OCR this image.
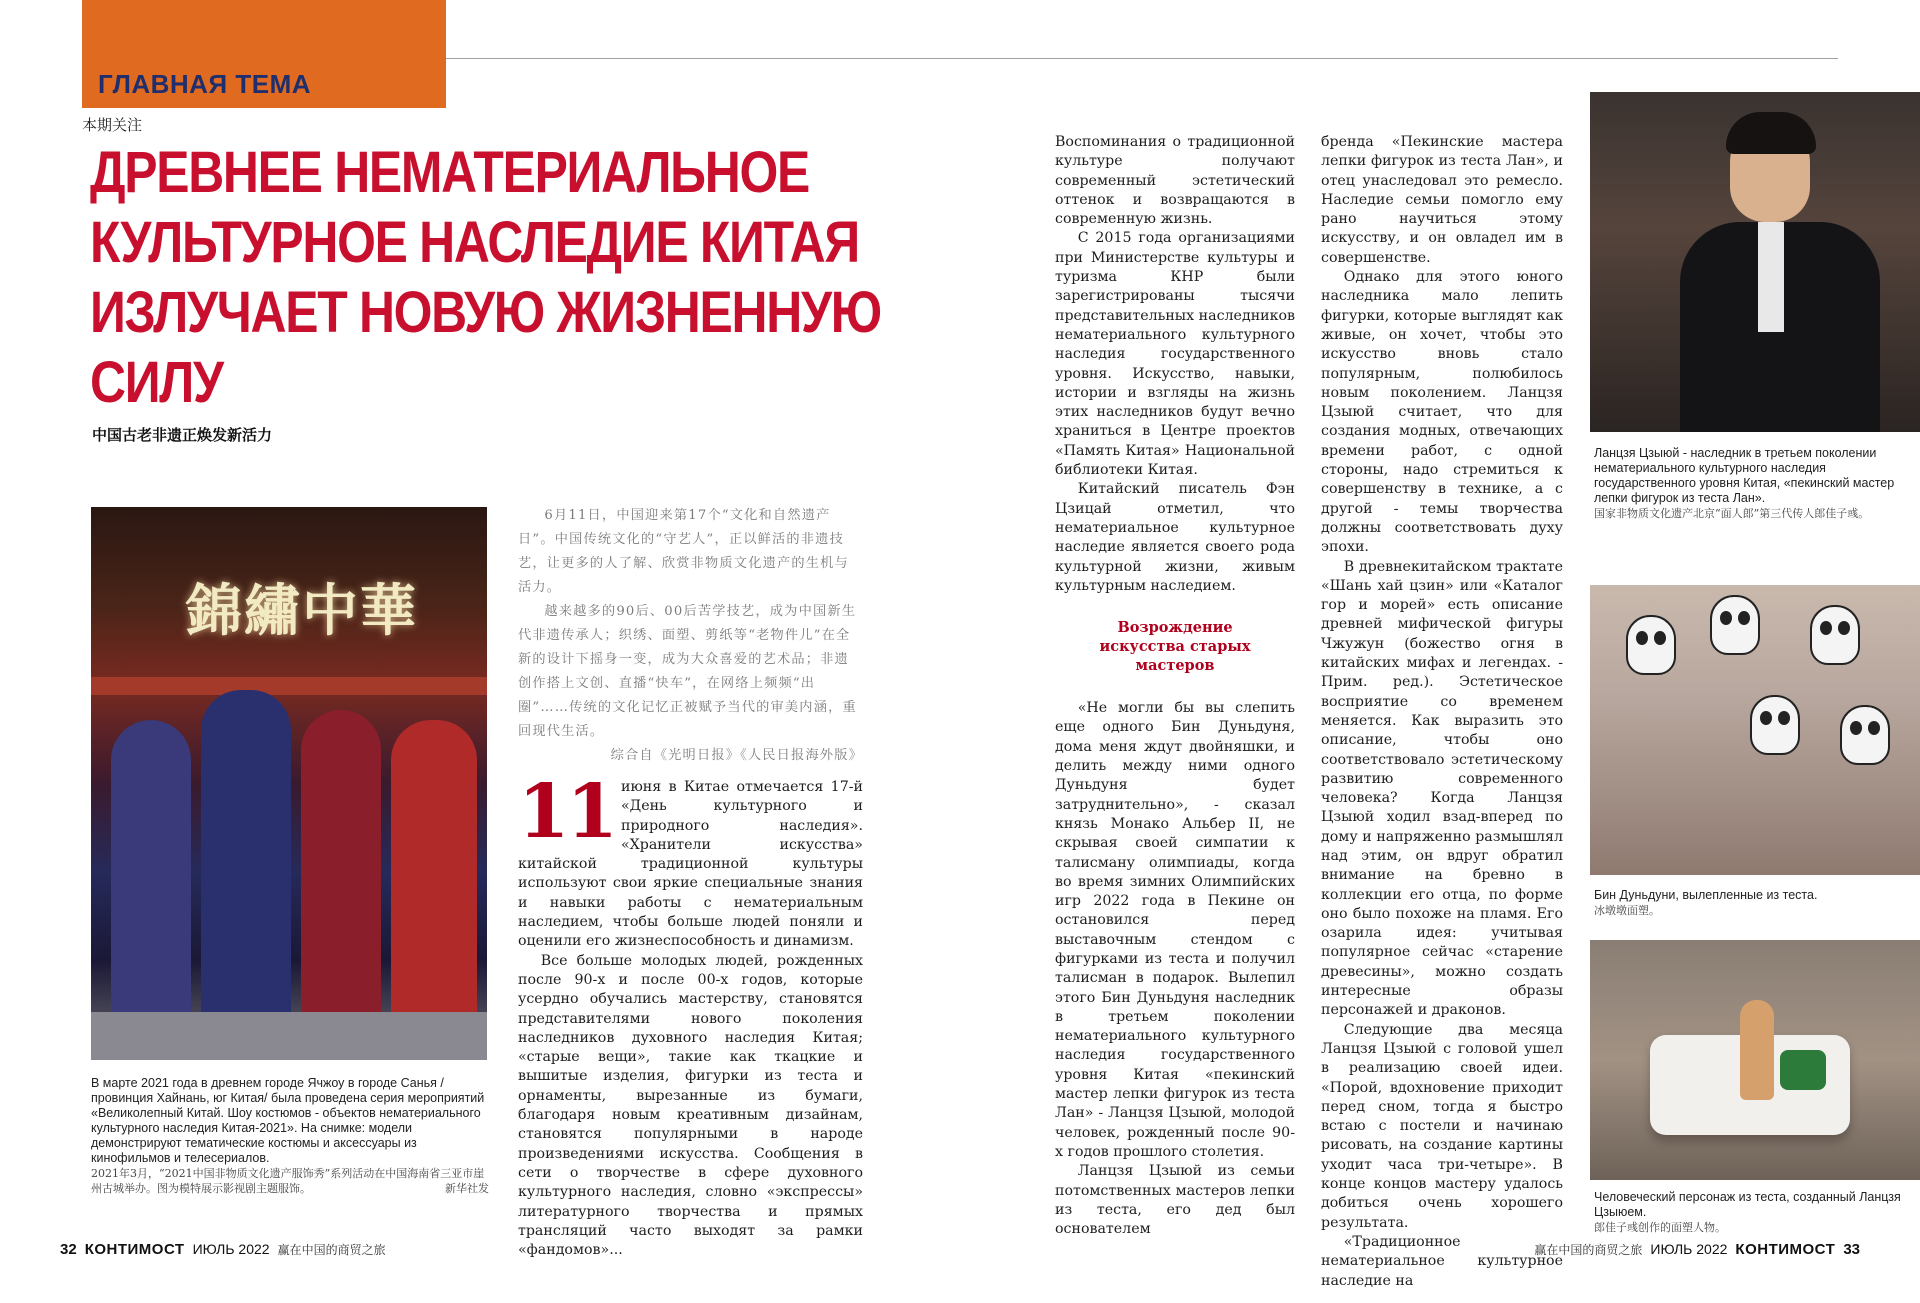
ГЛАВНАЯ ТЕМА
本期关注
ДРЕВНЕЕ НЕМАТЕРИАЛЬНОЕ
КУЛЬТУРНОЕ НАСЛЕДИЕ КИТАЯ
ИЗЛУЧАЕТ НОВУЮ ЖИЗНЕННУЮ
СИЛУ
中国古老非遗正焕发新活力
錦繡中華
В марте 2021 года в древнем городе Ячжоу в городе Санья /провинция Хайнань, юг Китая/ была проведена серия мероприятий «Великолепный Китай. Шоу костюмов - объектов нематериального культурного наследия Китая-2021». На снимке: модели демонстрируют тематические костюмы и аксессуары из кинофильмов и телесериалов.
2021年3月，“2021中国非物质文化遗产服饰秀”系列活动在中国海南省三亚市崖州古城举办。图为模特展示影视剧主题服饰。	新华社发

6月11日，中国迎来第17个“文化和自然遗产日”。中国传统文化的“守艺人”，正以鲜活的非遗技艺，让更多的人了解、欣赏非物质文化遗产的生机与活力。

越来越多的90后、00后苦学技艺，成为中国新生代非遗传承人；织绣、面塑、剪纸等“老物件儿”在全新的设计下摇身一变，成为大众喜爱的艺术品；非遗创作搭上文创、直播“快车”，在网络上频频“出圈”……传统的文化记忆正被赋予当代的审美内涵，重回现代生活。

综合自《光明日报》《人民日报海外版》

11 июня в Китае отмечается 17-й «День культурного и природного наследия». «Хранители искусства» китайской традиционной культуры используют свои яркие специальные знания и навыки работы с нематериальным наследием, чтобы больше людей поняли и оценили его жизнеспособность и динамизм.

Все больше молодых людей, рожденных после 90-х и после 00-х годов, которые усердно обучались мастерству, становятся представителями нового поколения наследников духовного наследия Китая; «старые вещи», такие как ткацкие и вышитые изделия, фигурки из теста и орнаменты, вырезанные из бумаги, благодаря новым креативным дизайнам, становятся популярными в народе произведениями искусства. Сообщения в сети о творчестве в сфере духовного культурного наследия, словно «экспрессы» литературного творчества и прямых трансляций часто выходят за рамки «фандомов»...

Воспоминания о традиционной культуре получают современный эстетический оттенок и возвращаются в современную жизнь.

С 2015 года организациями при Министерстве культуры и туризма КНР были зарегистрированы тысячи представительных наследников нематериального культурного наследия государственного уровня. Искусство, навыки, истории и взгляды на жизнь этих наследников будут вечно храниться в Центре проектов «Память Китая» Национальной библиотеки Китая.

Китайский писатель Фэн Цзицай отметил, что нематериальное культурное наследие является своего рода культурной жизни, живым культурным наследием.

Возрождение искусства старых мастеров

«Не могли бы вы слепить еще одного Бин Дуньдуня, дома меня ждут двойняшки, и делить между ними одного Дуньдуня будет затруднительно», - сказал князь Монако Альбер II, не скрывая своей симпатии к талисману олимпиады, когда во время зимних Олимпийских игр 2022 года в Пекине он остановился перед выставочным стендом с фигурками из теста и получил талисман в подарок. Вылепил этого Бин Дуньдуня наследник в третьем поколении нематериального культурного наследия государственного уровня Китая «пекинский мастер лепки фигурок из теста Лан» - Ланцзя Цзыюй, молодой человек, рожденный после 90-х годов прошлого столетия.

Ланцзя Цзыюй из семьи потомственных мастеров лепки из теста, его дед был основателем

бренда «Пекинские мастера лепки фигурок из теста Лан», и отец унаследовал это ремесло. Наследие семьи помогло ему рано научиться этому искусству, и он овладел им в совершенстве.

Однако для этого юного наследника мало лепить фигурки, которые выглядят как живые, он хочет, чтобы это искусство вновь стало популярным, полюбилось новым поколением. Ланцзя Цзыюй считает, что для создания модных, отвечающих времени работ, с одной стороны, надо стремиться к совершенству в технике, а с другой - темы творчества должны соответствовать духу эпохи.

В древнекитайском трактате «Шань хай цзин» или «Каталог гор и морей» есть описание древней мифической фигуры Чжужун (божество огня в китайских мифах и легендах. - Прим. ред.). Эстетическое восприятие со временем меняется. Как выразить это описание, чтобы оно соответствовало эстетическому развитию современного человека? Когда Ланцзя Цзыюй ходил взад-вперед по дому и напряженно размышлял над этим, он вдруг обратил внимание на бревно в коллекции его отца, по форме оно было похоже на пламя. Его озарила идея: учитывая популярное сейчас «старение древесины», можно создать интересные образы персонажей и драконов.

Следующие два месяца Ланцзя Цзыюй с головой ушел в реализацию своей идеи. «Порой, вдохновение приходит перед сном, тогда я быстро встаю с постели и начинаю рисовать, на создание картины уходит часа три-четыре». В конце концов мастеру удалось добиться очень хорошего результата.

«Традиционное нематериальное культурное наследие на

Ланцзя Цзыюй - наследник в третьем поколении нематериального культурного наследия государственного уровня Китая, «пекинский мастер лепки фигурок из теста Лан».
国家非物质文化遗产北京“面人郎”第三代传人郎佳子彧。
Бин Дуньдуни, вылепленные из теста.
冰墩墩面塑。
Человеческий персонаж из теста, созданный Ланцзя Цзыюем.
郎佳子彧创作的面塑人物。
32 КОНТИМОСТ ИЮЛЬ 2022 赢在中国的商贸之旅	赢在中国的商贸之旅 ИЮЛЬ 2022 КОНТИМОСТ 33
